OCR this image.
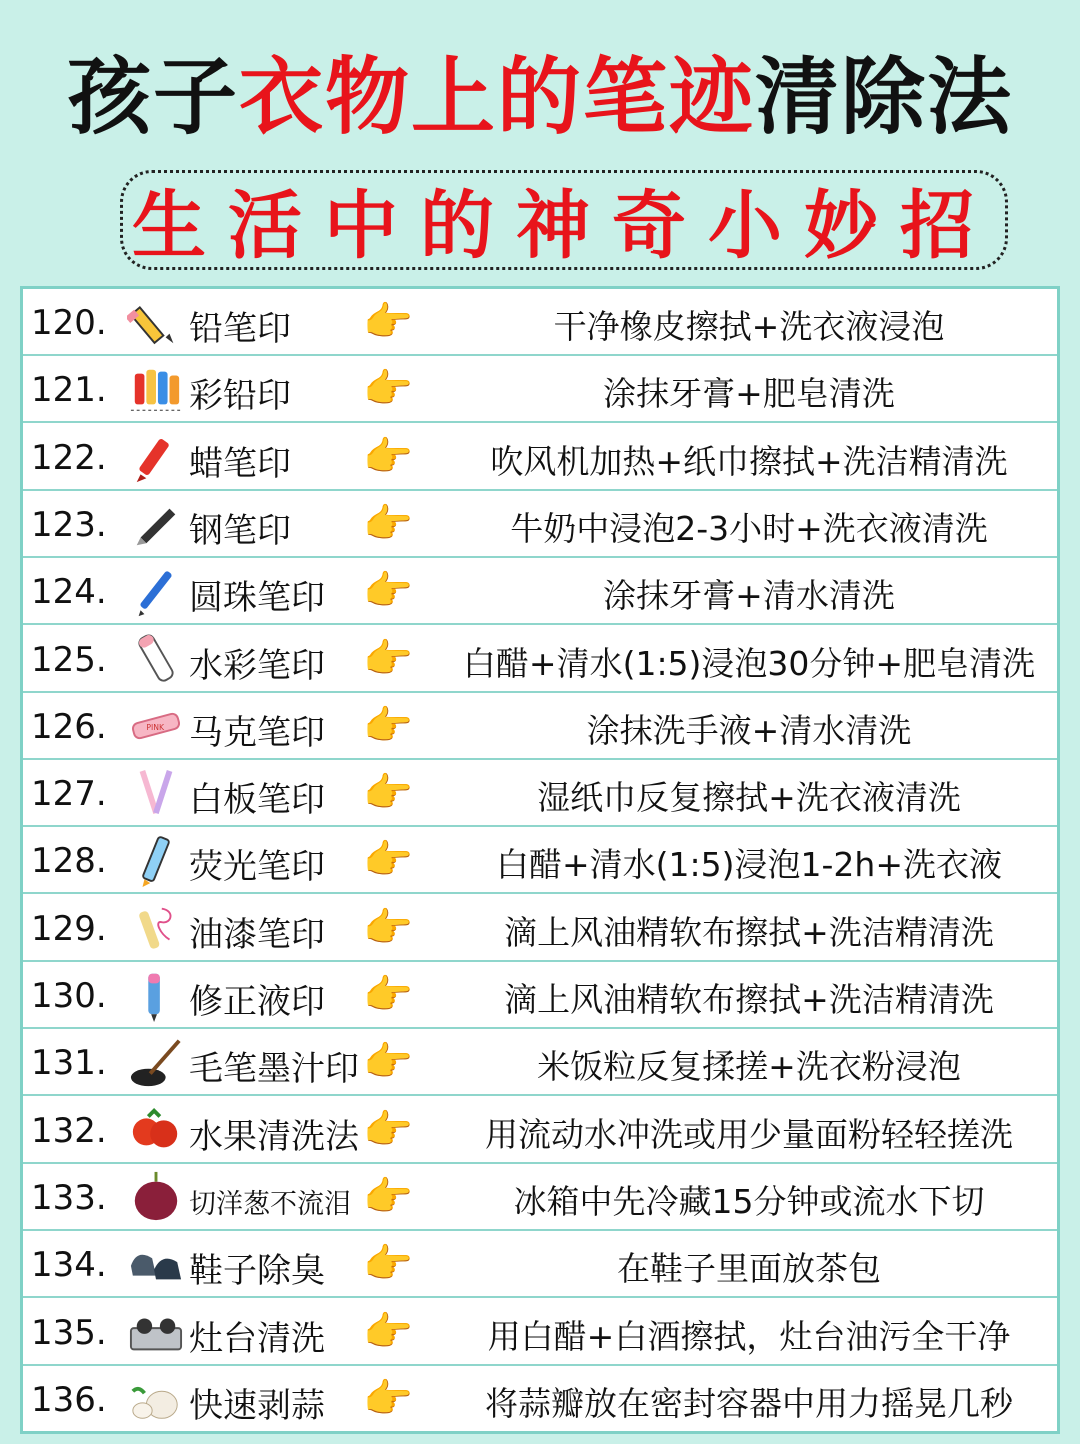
孩子衣物上的笔迹清除法
生活中的神奇小妙招
120. 铅笔印 👉	干净橡皮擦拭+洗衣液浸泡
121. 彩铅印 👉	涂抹牙膏+肥皂清洗
122. 蜡笔印 👉	吹风机加热+纸巾擦拭+洗洁精清洗
123. 钢笔印 👉	牛奶中浸泡2-3小时+洗衣液清洗
124. 圆珠笔印 👉	涂抹牙膏+清水清洗
125. 水彩笔印 👉	白醋+清水(1:5)浸泡30分钟+肥皂清洗
126. 马克笔印 👉	涂抹洗手液+清水清洗
127. 白板笔印 👉	湿纸巾反复擦拭+洗衣液清洗
128. 荧光笔印 👉	白醋+清水(1:5)浸泡1-2h+洗衣液
129. 油漆笔印 👉	滴上风油精软布擦拭+洗洁精清洗
130. 修正液印 👉	滴上风油精软布擦拭+洗洁精清洗
131. 毛笔墨汁印 👉	米饭粒反复揉搓+洗衣粉浸泡
132. 水果清洗法 👉	用流动水冲洗或用少量面粉轻轻搓洗
133.	切洋葱不流泪 👉	冰箱中先冷藏15分钟或流水下切
134. 鞋子除臭 👉	在鞋子里面放茶包
135. 灶台清洗 👉	用白醋+白酒擦拭，灶台油污全干净
136. 快速剥蒜 👉	将蒜瓣放在密封容器中用力摇晃几秒
